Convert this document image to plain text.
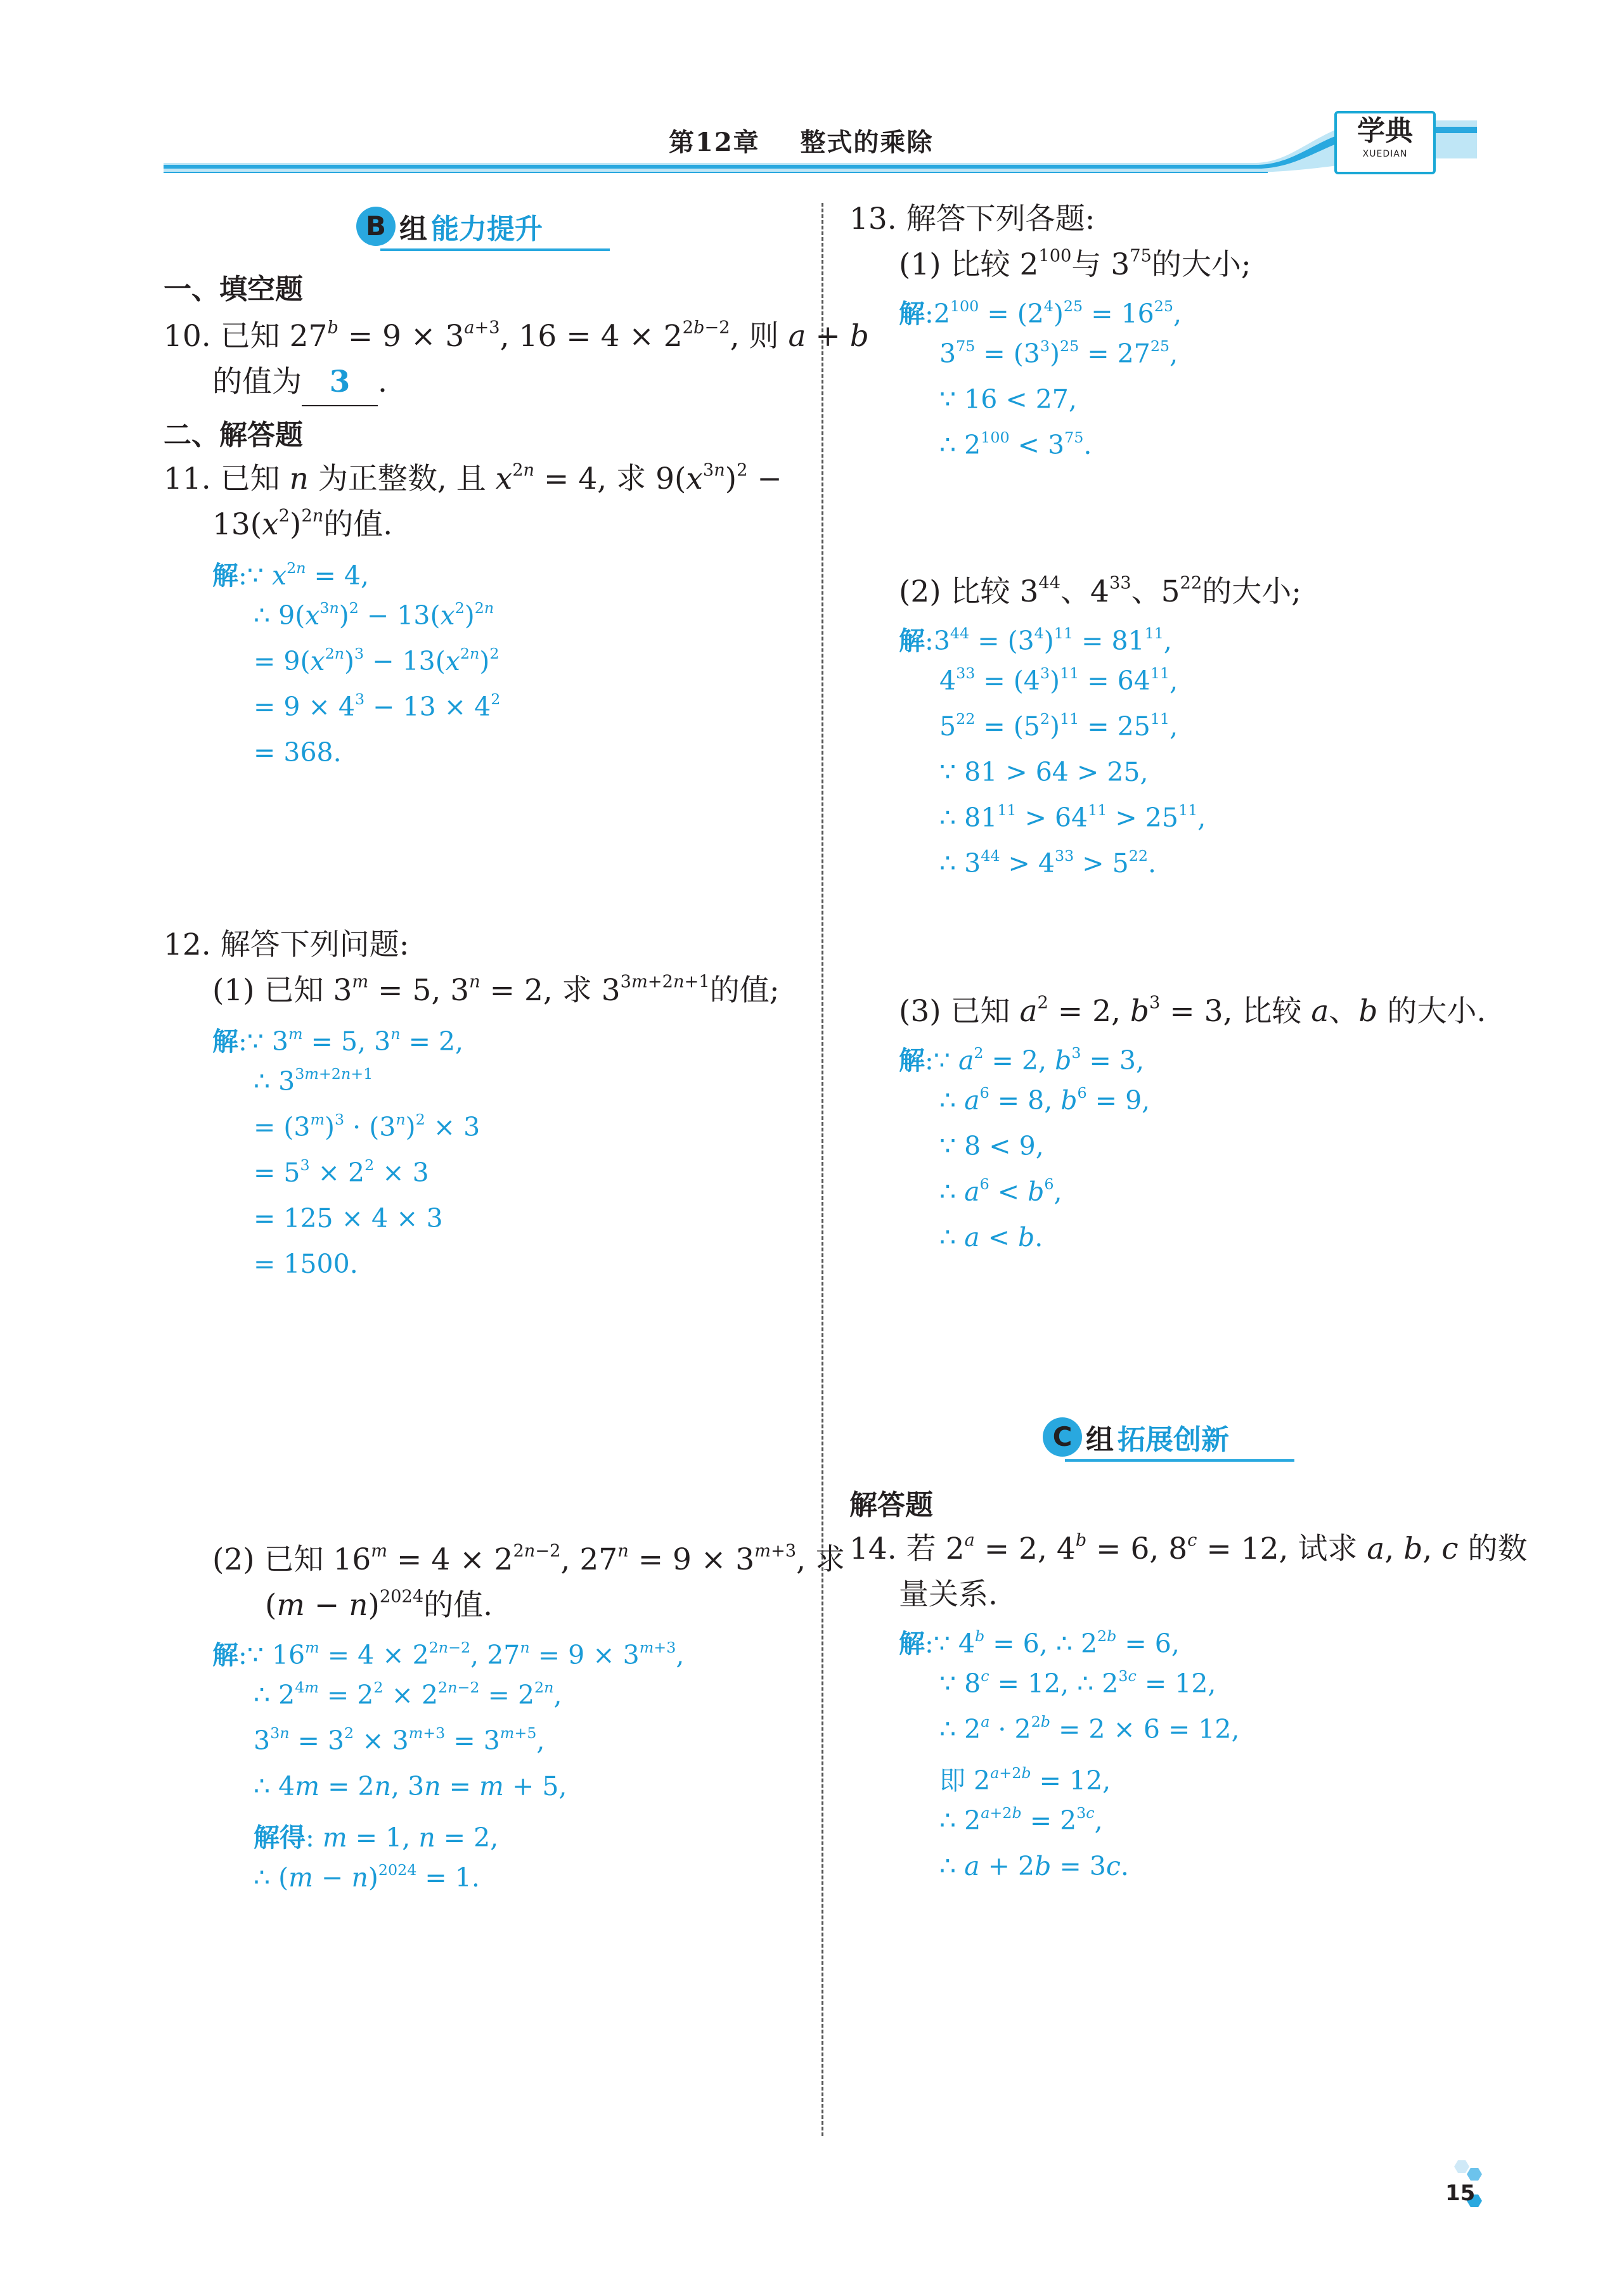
第12章 整式的乘除	学典
XUEDIAN
B 组 能力提升
一、填空题
10. 已知 $27^b = 9 \times 3^{a+3}$, $16 = 4 \times 2^{2b-2}$, 则 a + b
的值为 3 .
二、解答题
11. 已知 n 为正整数, 且 $x^{2n} = 4$, 求 $9(x^{3n})^2$ −
$13(x^2)^{2n}$的值.
解:∵ $x^{2n} = 4$,
∴ $9(x^{3n})^2 - 13(x^2)^{2n}$
= $9(x^{2n})^3 - 13(x^{2n})^2$
= $9 \times 4^3 - 13 \times 4^2$
= 368.
12. 解答下列问题:
(1) 已知 $3^m = 5$, $3^n = 2$, 求 $3^{3m+2n+1}$的值;
解:∵ $3^m = 5$, $3^n = 2$,
∴ $3^{3m+2n+1}$
= $(3^m)^3 \cdot (3^n)^2 \times 3$
= $5^3 \times 2^2 \times 3$
= 125 × 4 × 3
= 1500.
(2) 已知 $16^m = 4 \times 2^{2n-2}$, $27^n = 9 \times 3^{m+3}$, 求
$(m - n)^{2024}$的值.
解:∵ $16^m = 4 \times 2^{2n-2}$, $27^n = 9 \times 3^{m+3}$,
∴ $2^{4m} = 2^2 \times 2^{2n-2} = 2^{2n}$,
$3^{3n} = 3^2 \times 3^{m+3} = 3^{m+5}$,
∴ 4m = 2n, 3n = m + 5,
解得: m = 1, n = 2,
∴ $(m - n)^{2024} = 1$.
13. 解答下列各题:
(1) 比较 $2^{100}$与 $3^{75}$的大小;
解$:2^{100} = (2^4)^{25} = 16^{25}$,
$3^{75} = (3^3)^{25} = 27^{25}$,
∵ 16 < 27,
∴ $2^{100} < 3^{75}$.
(2) 比较 $3^{44}$、$4^{33}$、$5^{22}$的大小;
解$:3^{44} = (3^4)^{11} = 81^{11}$,
$4^{33} = (4^3)^{11} = 64^{11}$,
$5^{22} = (5^2)^{11} = 25^{11}$,
∵ 81 > 64 > 25,
∴ $81^{11} > 64^{11} > 25^{11}$,
∴ $3^{44} > 4^{33} > 5^{22}$.
(3) 已知 $a^2 = 2$, $b^3 = 3$, 比较 a、b 的大小.
解:∵ $a^2 = 2$, $b^3 = 3$,
∴ $a^6 = 8$, $b^6 = 9$,
∵ 8 < 9,
∴ $a^6 < b^6$,
∴ a < b.
C 组 拓展创新
解答题
14. 若 $2^a = 2$, $4^b = 6$, $8^c = 12$, 试求 a, b, c 的数
量关系.
解:∵ $4^b = 6$, ∴ $2^{2b} = 6$,
∵ $8^c = 12$, ∴ $2^{3c} = 12$,
∴ $2^a \cdot 2^{2b} = 2 \times 6 = 12$,
即 $2^{a+2b} = 12$,
∴ $2^{a+2b} = 2^{3c}$,
∴ a + 2b = 3c.
15
